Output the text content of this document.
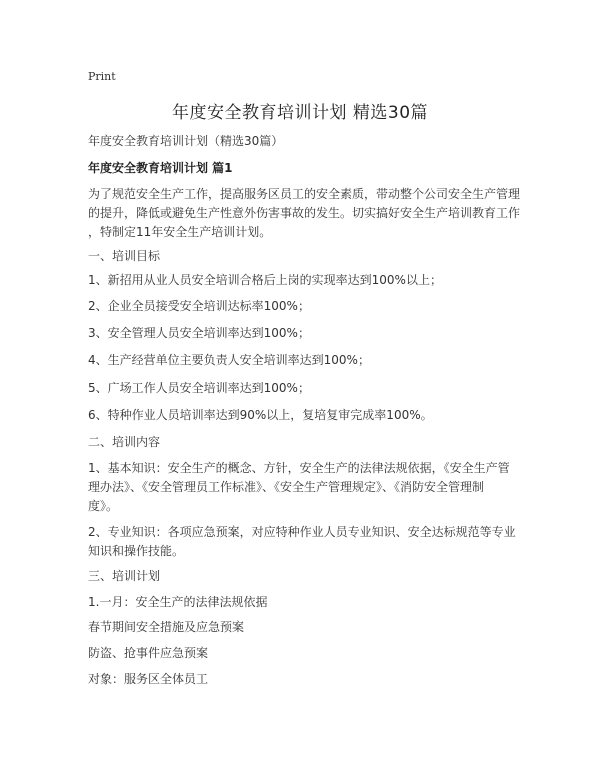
Print
年度安全教育培训计划 精选30篇
年度安全教育培训计划（精选30篇）
年度安全教育培训计划 篇1
为了规范安全生产工作，提高服务区员工的安全素质，带动整个公司安全生产管理
的提升，降低或避免生产性意外伤害事故的发生。切实搞好安全生产培训教育工作
，特制定11年安全生产培训计划。
一、培训目标
1、新招用从业人员安全培训合格后上岗的实现率达到100%以上；
2、企业全员接受安全培训达标率100%；
3、安全管理人员安全培训率达到100%；
4、生产经营单位主要负责人安全培训率达到100%；
5、广场工作人员安全培训率达到100%；
6、特种作业人员培训率达到90%以上，复培复审完成率100%。
二、培训内容
1、基本知识：安全生产的概念、方针，安全生产的法律法规依据，《安全生产管
理办法》、《安全管理员工作标准》、《安全生产管理规定》、《消防安全管理制
度》。
2、专业知识：各项应急预案，对应特种作业人员专业知识、安全达标规范等专业
知识和操作技能。
三、培训计划
1.一月：安全生产的法律法规依据
春节期间安全措施及应急预案
防盗、抢事件应急预案
对象：服务区全体员工
